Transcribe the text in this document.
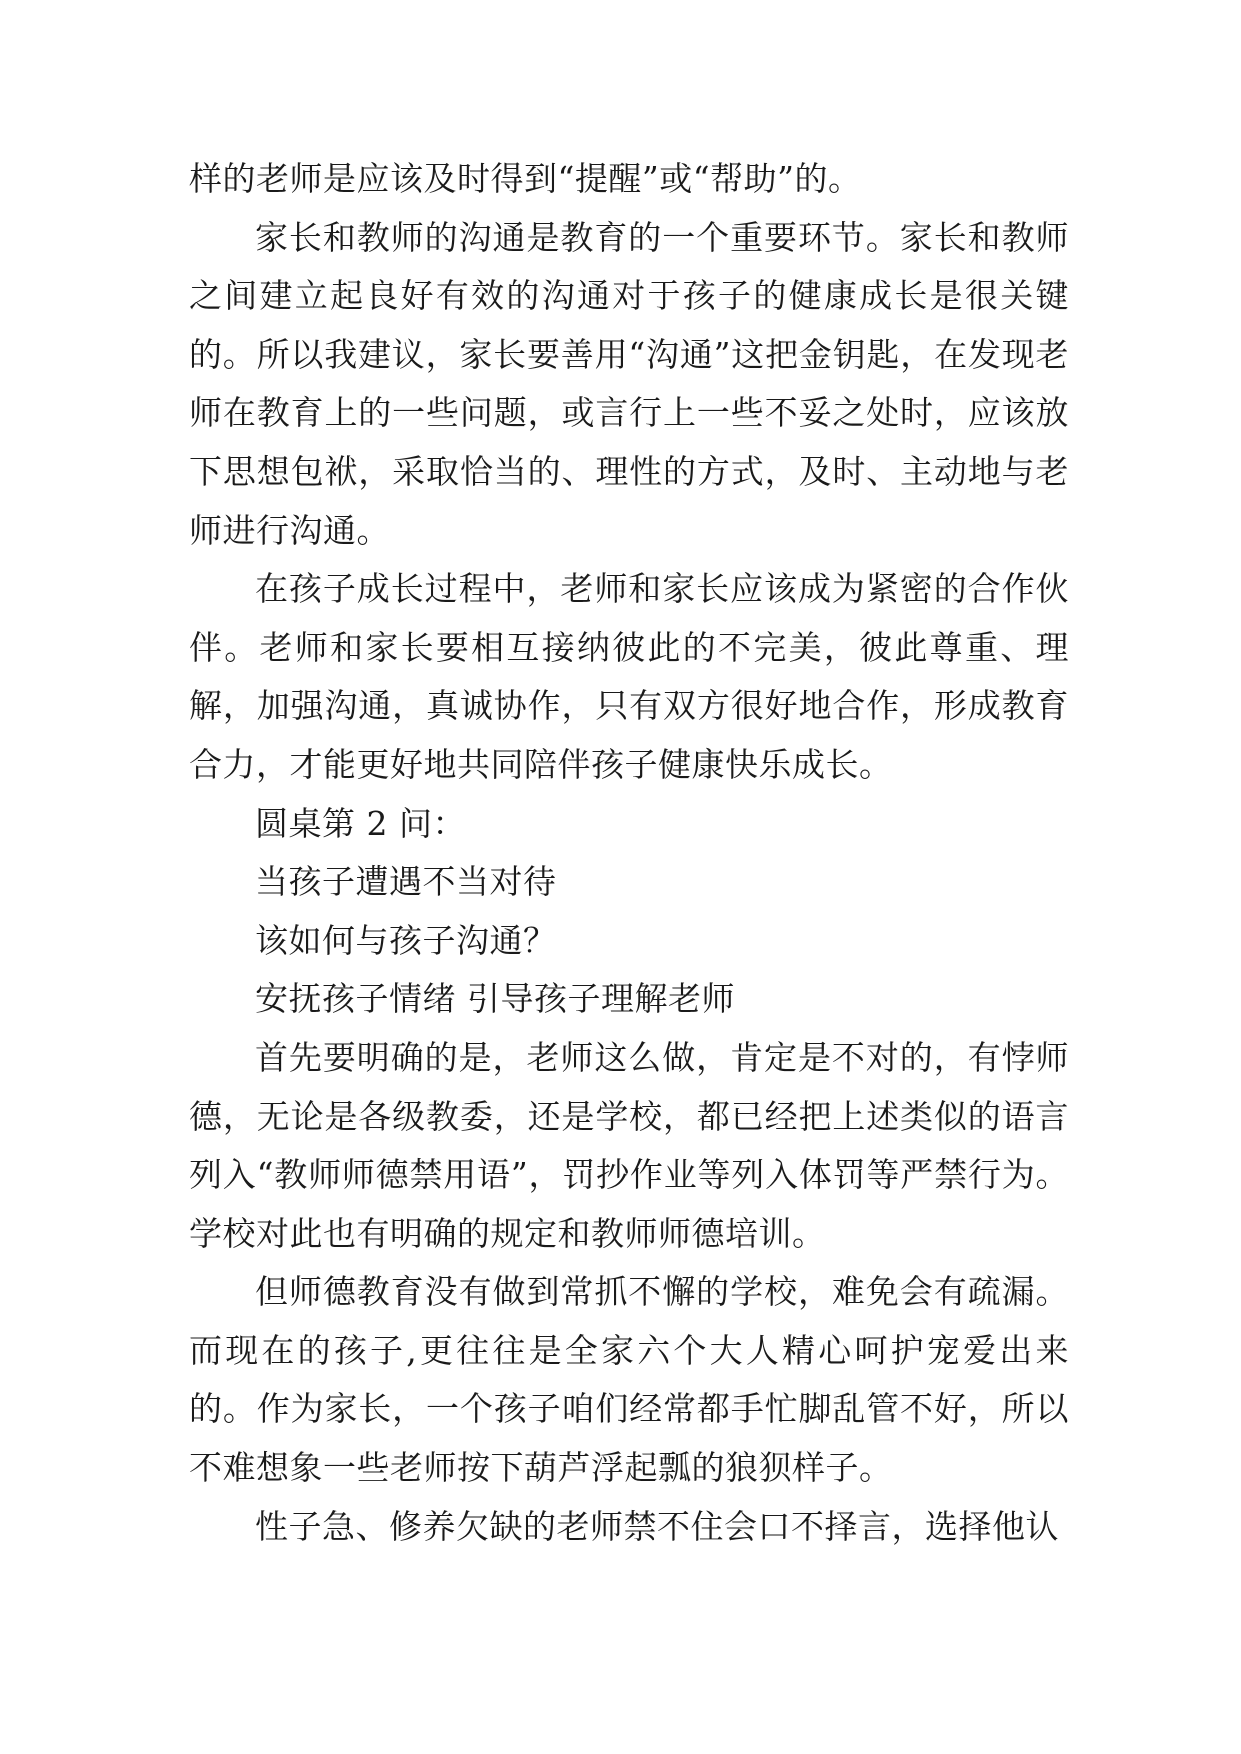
样的老师是应该及时得到“提醒”或“帮助”的。

家长和教师的沟通是教育的一个重要环节。家长和教师之间建立起良好有效的沟通对于孩子的健康成长是很关键的。所以我建议，家长要善用“沟通”这把金钥匙，在发现老师在教育上的一些问题，或言行上一些不妥之处时，应该放下思想包袱，采取恰当的、理性的方式，及时、主动地与老师进行沟通。

在孩子成长过程中，老师和家长应该成为紧密的合作伙伴。老师和家长要相互接纳彼此的不完美，彼此尊重、理解，加强沟通，真诚协作，只有双方很好地合作，形成教育合力，才能更好地共同陪伴孩子健康快乐成长。

圆桌第 2 问：

当孩子遭遇不当对待

该如何与孩子沟通？

安抚孩子情绪 引导孩子理解老师

首先要明确的是，老师这么做，肯定是不对的，有悖师德，无论是各级教委，还是学校，都已经把上述类似的语言列入“教师师德禁用语”，罚抄作业等列入体罚等严禁行为。学校对此也有明确的规定和教师师德培训。

但师德教育没有做到常抓不懈的学校，难免会有疏漏。而现在的孩子,更往往是全家六个大人精心呵护宠爱出来的。作为家长，一个孩子咱们经常都手忙脚乱管不好，所以不难想象一些老师按下葫芦浮起瓢的狼狈样子。

性子急、修养欠缺的老师禁不住会口不择言，选择他认
